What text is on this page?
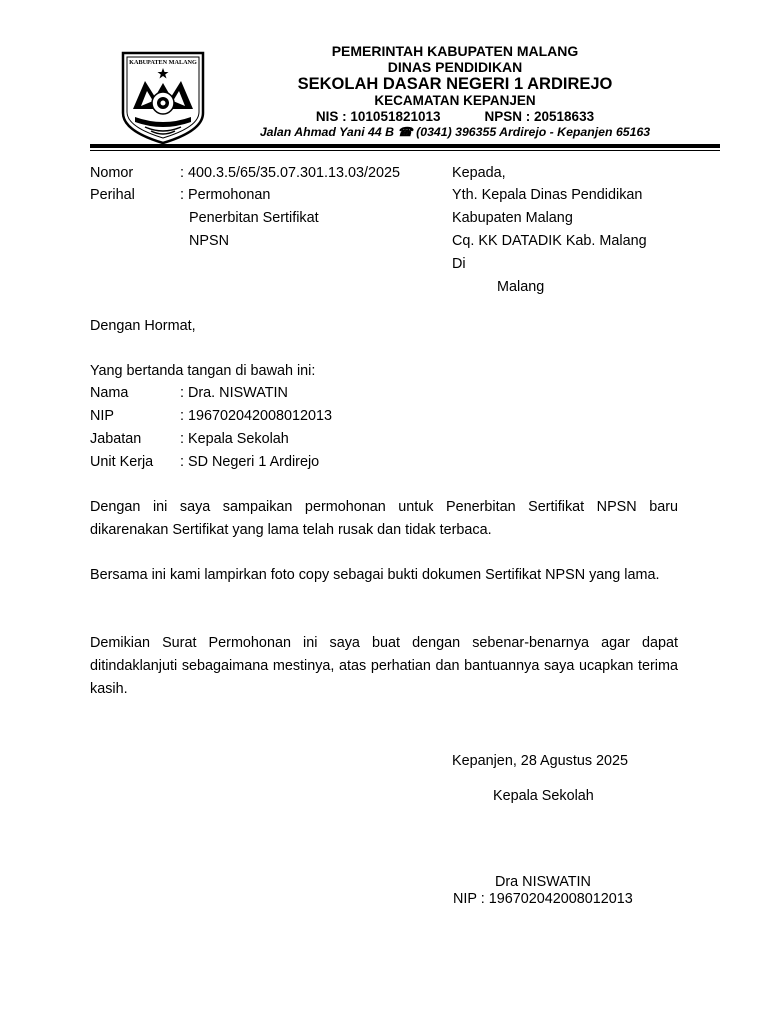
KABUPATEN MALANG
PEMERINTAH KABUPATEN MALANG
DINAS PENDIDIKAN
SEKOLAH DASAR NEGERI 1 ARDIREJO
KECAMATAN KEPANJEN
NIS : 101051821013	NPSN : 20518633
Jalan Ahmad Yani 44 B ☎ (0341) 396355 Ardirejo - Kepanjen 65163
Nomor	: 400.3.5/65/35.07.301.13.03/2025
Perihal	: Permohonan
Penerbitan Sertifikat
NPSN
Kepada,
Yth. Kepala Dinas Pendidikan
Kabupaten Malang
Cq. KK DATADIK Kab. Malang
Di
Malang
Dengan Hormat,
Yang bertanda tangan di bawah ini:
Nama	: Dra. NISWATIN
NIP	: 196702042008012013
Jabatan	: Kepala Sekolah
Unit Kerja : SD Negeri 1 Ardirejo
Dengan ini saya sampaikan permohonan untuk Penerbitan Sertifikat NPSN baru dikarenakan Sertifikat yang lama telah rusak dan tidak terbaca.
Bersama ini kami lampirkan foto copy sebagai bukti dokumen Sertifikat NPSN yang lama.
Demikian Surat Permohonan ini saya buat dengan sebenar-benarnya agar dapat ditindaklanjuti sebagaimana mestinya, atas perhatian dan bantuannya saya ucapkan terima kasih.
Kepanjen, 28 Agustus 2025
Kepala Sekolah
Dra NISWATIN
NIP : 196702042008012013
